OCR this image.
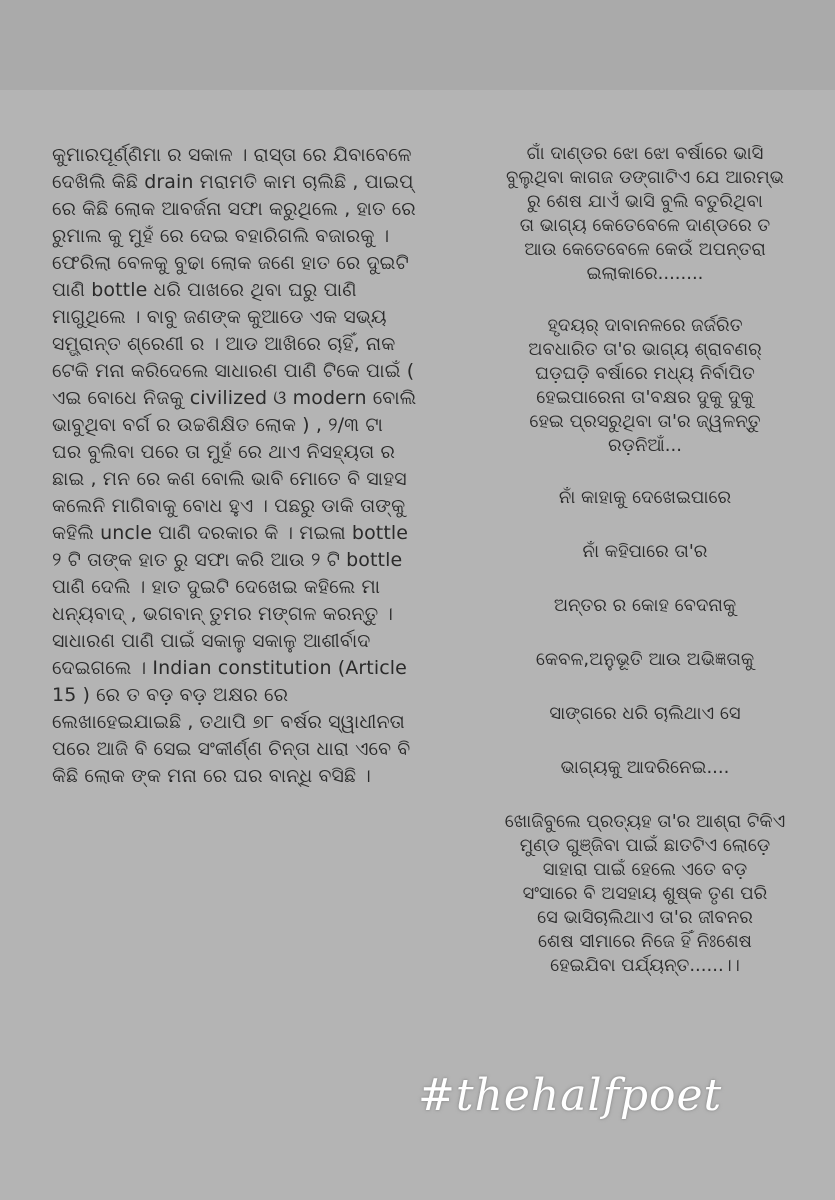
କୁମାରପୂର୍ଣ୍ଣିମା ର ସକାଳ । ରାସ୍ତା ରେ ଯିବାବେଳେ ଦେଖିଲି କିଛି drain ମରାମତି କାମ ଚାଲିଛି , ପାଇପ୍ ରେ କିଛି ଲୋକ ଆବର୍ଜନା ସଫା କରୁଥିଲେ , ହାତ ରେ ରୁମାଲ କୁ ମୁହଁ ରେ ଦେଇ ବହାରିଗଲି ବଜାରକୁ । ଫେରିଲା ବେଳକୁ ବୁଢା ଲୋକ ଜଣେ ହାତ ରେ ଦୁଇଟି ପାଣି bottle ଧରି ପାଖରେ ଥିବା ଘରୁ ପାଣି ମାଗୁଥିଲେ । ବାବୁ ଜଣଙ୍କ କୁଆଡେ ଏକ ସଭ୍ୟ ସମ୍ଭ୍ରାନ୍ତ ଶ୍ରେଣୀ ର । ଆଡ ଆଖିରେ ଚାହିଁ, ନାକ ଟେକି ମନା କରିଦେଲେ ସାଧାରଣ ପାଣି ଟିକେ ପାଇଁ ( ଏଇ ବୋଧେ ନିଜକୁ civilized ଓ modern ବୋଲି ଭାବୁଥିବା ବର୍ଗ ର ଉଚ୍ଚଶିକ୍ଷିତ ଲୋକ ) , ୨/୩ ଟା ଘର ବୁଲିବା ପରେ ତା ମୁହଁ ରେ ଥାଏ ନିସହ୍ୟତା ର ଛାଇ , ମନ ରେ କଣ ବୋଲି ଭାବି ମୋତେ ବି ସାହସ କଲେନି ମାଗିବାକୁ ବୋଧ ହୁଏ । ପଛରୁ ଡାକି ତାଙ୍କୁ କହିଲି uncle ପାଣି ଦରକାର କି । ମଇଳା bottle ୨ ଟି ତାଙ୍କ ହାତ ରୁ ସଫା କରି ଆଉ ୨ ଟି bottle ପାଣି ଦେଲି । ହାତ ଦୁଇଟି ଦେଖେଇ କହିଲେ ମା ଧନ୍ୟବାଦ୍ , ଭଗବାନ୍ ତୁମର ମଙ୍ଗଳ କରନ୍ତୁ । ସାଧାରଣ ପାଣି ପାଇଁ ସକାଳୁ ସକାଳୁ ଆଶୀର୍ବାଦ ଦେଇଗଲେ । Indian constitution (Article 15 ) ରେ ତ ବଡ଼ ବଡ଼ ଅକ୍ଷର ରେ ଲେଖାହେଇଯାଇଛି , ତଥାପି ୭୮ ବର୍ଷର ସ୍ୱାଧୀନତା ପରେ ଆଜି ବି ସେଇ ସଂକୀର୍ଣ୍ଣ ଚିନ୍ତା ଧାରା ଏବେ ବି କିଛି ଲୋକ ଙ୍କ ମନା ରେ ଘର ବାନ୍ଧି ବସିଛି ।

ଗାଁ ଦାଣ୍ଡର ଝୋ ଝୋ ବର୍ଷାରେ ଭାସି
ବୁଲୁଥିବା କାଗଜ ଡଙ୍ଗାଟିଏ ଯେ ଆରମ୍ଭ
ରୁ ଶେଷ ଯାଏଁ ଭାସି ବୁଲି ବତୁରିଥିବା
ତା ଭାଗ୍ୟ କେତେବେଳେ ଦାଣ୍ଡରେ ତ
ଆଉ କେତେବେଳେ କେଉଁ ଅପନ୍ତରା
ଇଲାକାରେ........

ହୃଦୟର୍ ଦାବାନଳରେ ଜର୍ଜରିତ
ଅବଧାରିତ ତା'ର ଭାଗ୍ୟ ଶ୍ରାବଣର୍
ଘଡ଼ଘଡ଼ି ବର୍ଷାରେ ମଧ୍ୟ ନିର୍ବାପିତ
ହେଇପାରେନା ତା'ବକ୍ଷର ଦୁକୁ ଦୁକୁ
ହେଇ ପ୍ରସରୁଥିବା ତା'ର ଜ୍ୱଳନ୍ତୁ
ରଡ଼ନିଆଁ...

ନାଁ କାହାକୁ ଦେଖେଇପାରେ

ନାଁ କହିପାରେ ତା'ର

ଅନ୍ତର ର କୋହ ବେଦନାକୁ

କେବଳ,ଅନୁଭୂତି ଆଉ ଅଭିଜ୍ଞତାକୁ

ସାଙ୍ଗରେ ଧରି ଚାଲିଥାଏ ସେ

ଭାଗ୍ୟକୁ ଆଦରିନେଇ....

ଖୋଜିବୁଲେ ପ୍ରତ୍ୟହ ତା'ର ଆଶ୍ରା ଟିକିଏ
ମୁଣ୍ଡ ଗୁଞ୍ଜିବା ପାଇଁ ଛାତଟିଏ ଲୋଡ଼େ
ସାହାରା ପାଇଁ ହେଲେ ଏତେ ବଡ଼
ସଂସାରେ ବି ଅସହାୟ ଶୁଷ୍କ ତୃଣ ପରି
ସେ ଭାସିଚାଲିଥାଏ ତା'ର ଜୀବନର
ଶେଷ ସୀମାରେ ନିଜେ ହିଁ ନିଃଶେଷ
ହେଇଯିବା ପର୍ଯ୍ୟନ୍ତ......।।

#thehalfpoet
